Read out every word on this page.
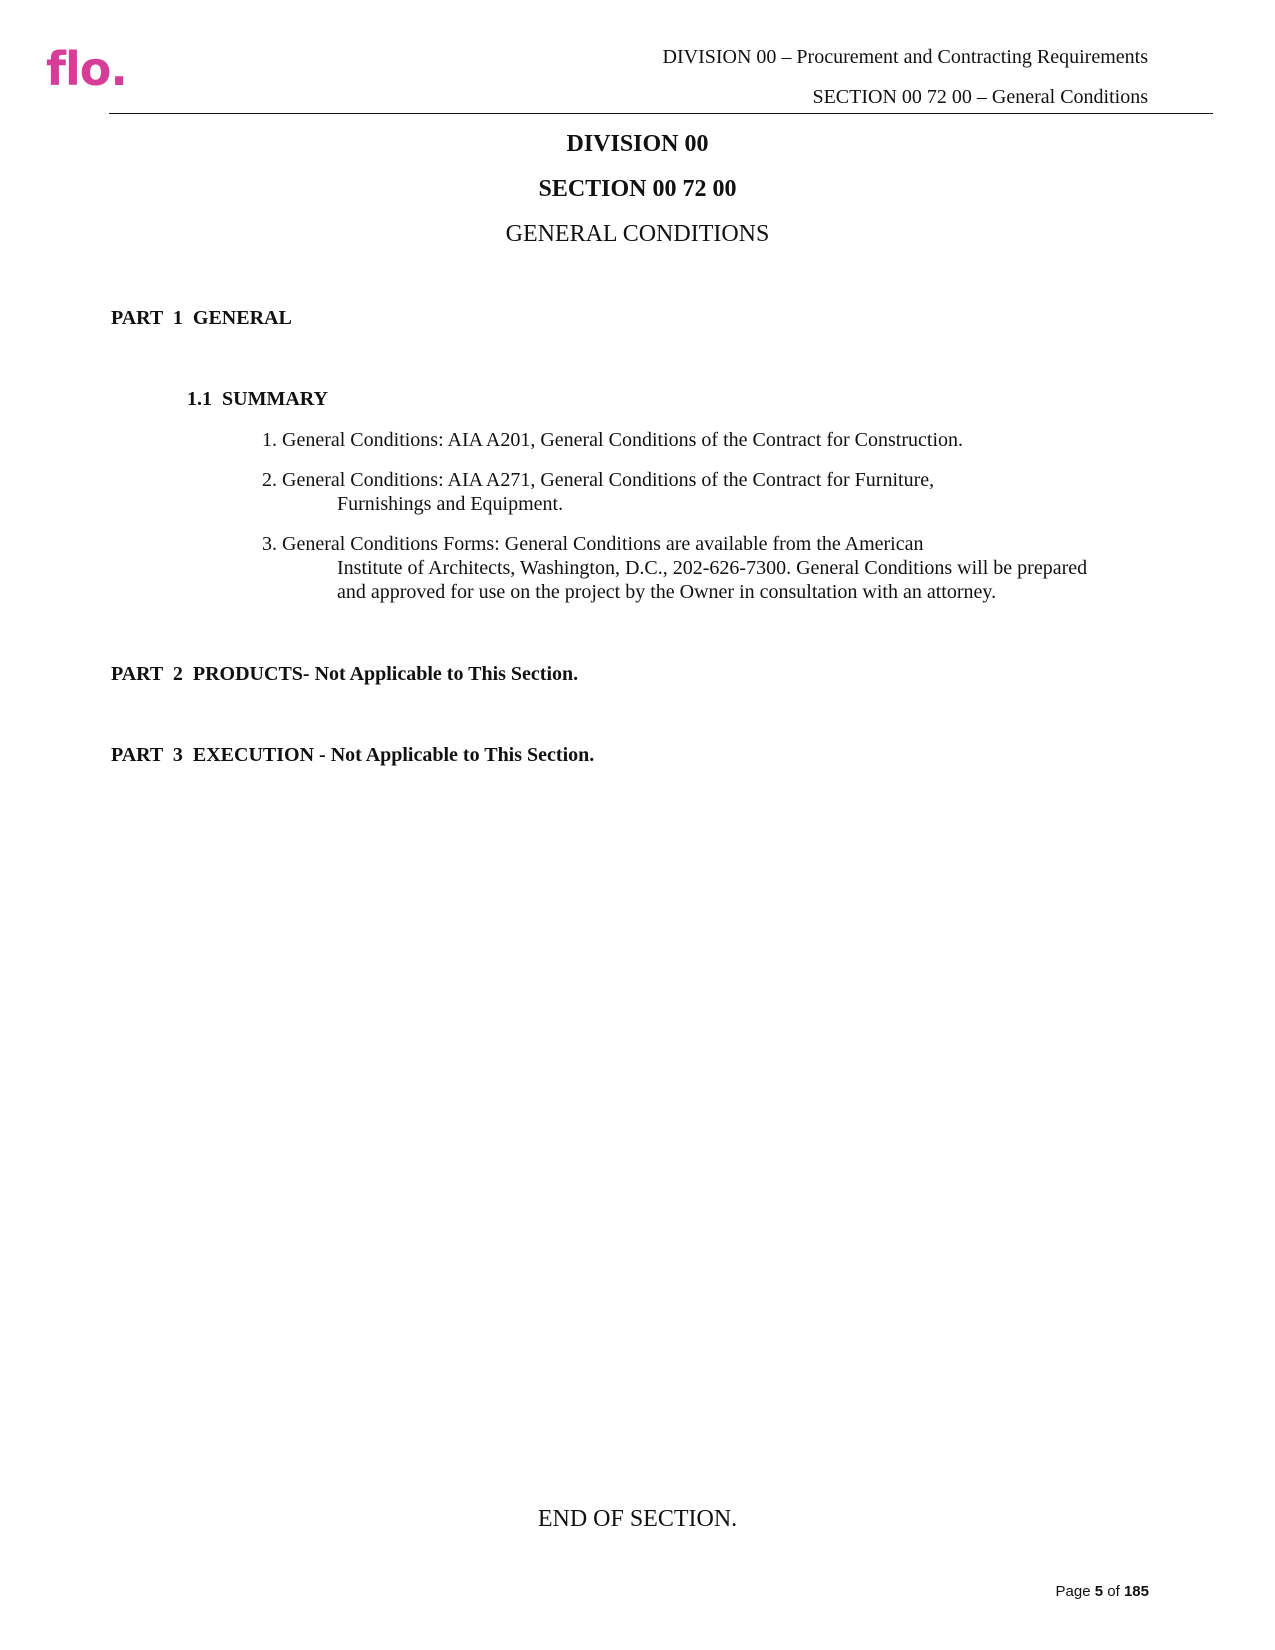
flo.	DIVISION 00 – Procurement and Contracting Requirements
SECTION 00 72 00 – General Conditions
DIVISION 00
SECTION 00 72 00
GENERAL CONDITIONS
PART  1  GENERAL
1.1  SUMMARY
1. General Conditions: AIA A201, General Conditions of the Contract for Construction.
2. General Conditions: AIA A271, General Conditions of the Contract for Furniture,
Furnishings and Equipment.
3. General Conditions Forms: General Conditions are available from the American
Institute of Architects, Washington, D.C., 202-626-7300. General Conditions will be prepared
and approved for use on the project by the Owner in consultation with an attorney.
PART  2  PRODUCTS- Not Applicable to This Section.
PART  3  EXECUTION - Not Applicable to This Section.
END OF SECTION.
Page 5 of 185
